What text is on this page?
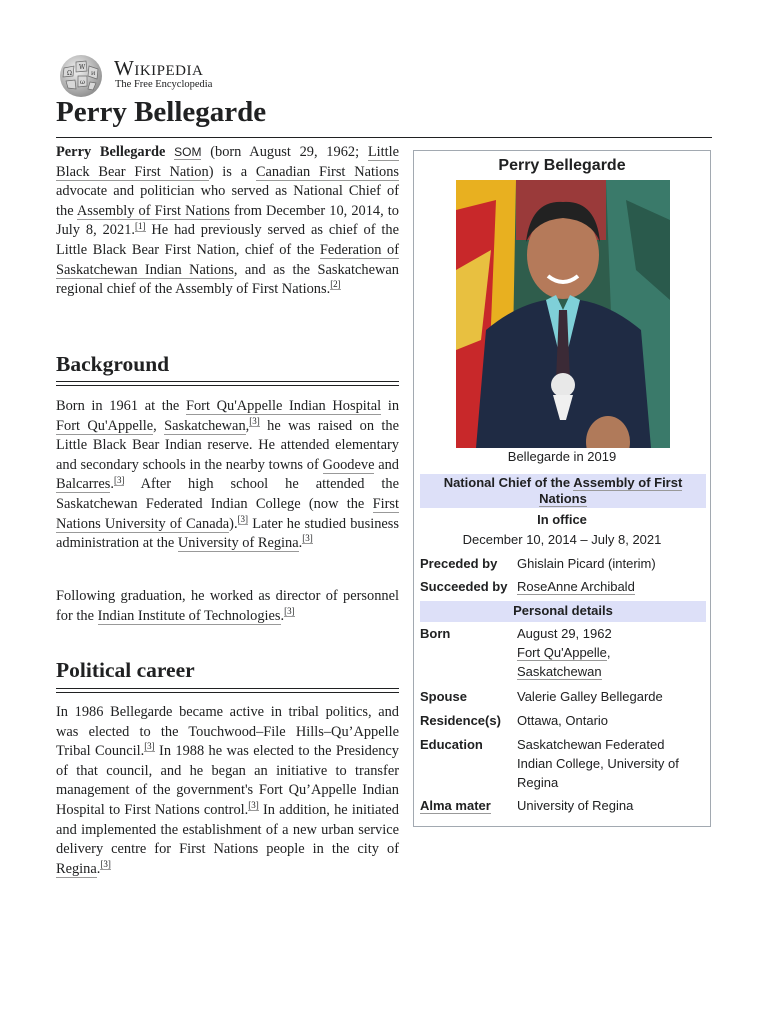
Ω
W
И
ω
Wikipedia
The Free Encyclopedia
Perry Bellegarde

Perry Bellegarde SOM (born August 29, 1962; Little Black Bear First Nation) is a Canadian First Nations advocate and politician who served as National Chief of the Assembly of First Nations from December 10, 2014, to July 8, 2021.[1] He had previously served as chief of the Little Black Bear First Nation, chief of the Federation of Saskatchewan Indian Nations, and as the Saskatchewan regional chief of the Assembly of First Nations.[2]

Background

Born in 1961 at the Fort Qu'Appelle Indian Hospital in Fort Qu'Appelle, Saskatchewan,[3] he was raised on the Little Black Bear Indian reserve. He attended elementary and secondary schools in the nearby towns of Goodeve and Balcarres.[3] After high school he attended the Saskatchewan Federated Indian College (now the First Nations University of Canada).[3] Later he studied business administration at the University of Regina.[3]

Following graduation, he worked as director of personnel for the Indian Institute of Technologies.[3]

Political career

In 1986 Bellegarde became active in tribal politics, and was elected to the Touchwood–File Hills–Qu’Appelle Tribal Council.[3] In 1988 he was elected to the Presidency of that council, and he began an initiative to transfer management of the government's Fort Qu’Appelle Indian Hospital to First Nations control.[3] In addition, he initiated and implemented the establishment of a new urban service delivery centre for First Nations people in the city of Regina.[3]

Perry Bellegarde
Bellegarde in 2019
National Chief of the Assembly of First Nations
In office
December 10, 2014 – July 8, 2021
Preceded by	Ghislain Picard (interim)
Succeeded by RoseAnne Archibald
Personal details
Born	August 29, 1962
Fort Qu'Appelle,
Saskatchewan
Spouse	Valerie Galley Bellegarde
Residence(s)	Ottawa, Ontario
Education	Saskatchewan Federated Indian College, University of Regina
Alma mater	University of Regina
